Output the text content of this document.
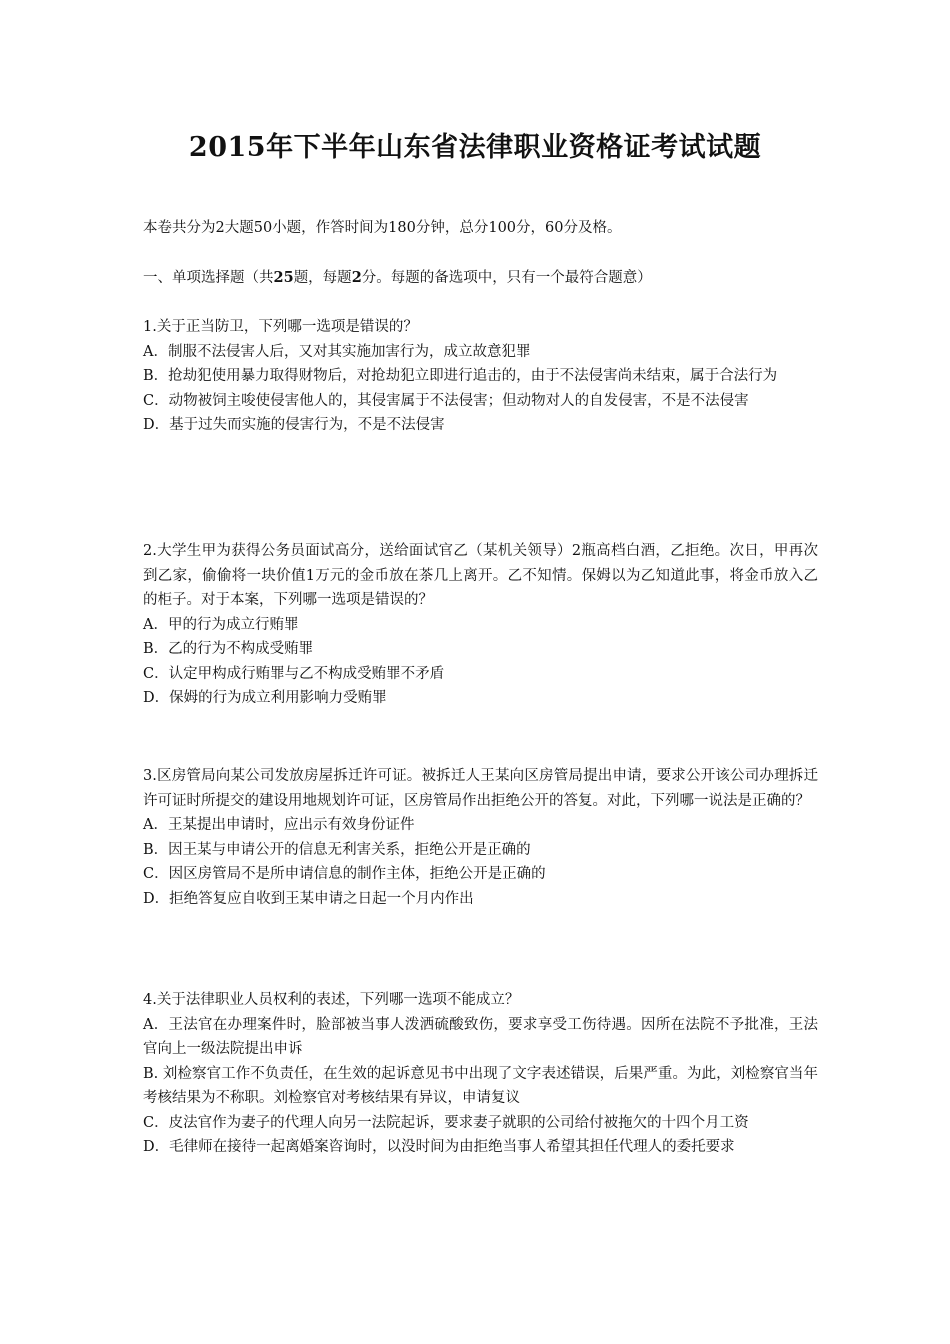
2015年下半年山东省法律职业资格证考试试题
本卷共分为2大题50小题，作答时间为180分钟，总分100分，60分及格。
一、单项选择题（共25题，每题2分。每题的备选项中，只有一个最符合题意）

1.关于正当防卫，下列哪一选项是错误的？

A．制服不法侵害人后，又对其实施加害行为，成立故意犯罪

B．抢劫犯使用暴力取得财物后，对抢劫犯立即进行追击的，由于不法侵害尚未结束，属于合法行为

C．动物被饲主唆使侵害他人的，其侵害属于不法侵害；但动物对人的自发侵害，不是不法侵害

D．基于过失而实施的侵害行为，不是不法侵害

2.大学生甲为获得公务员面试高分，送给面试官乙（某机关领导）2瓶高档白酒，乙拒绝。次日，甲再次到乙家，偷偷将一块价值1万元的金币放在茶几上离开。乙不知情。保姆以为乙知道此事，将金币放入乙的柜子。对于本案，下列哪一选项是错误的？

A．甲的行为成立行贿罪

B．乙的行为不构成受贿罪

C．认定甲构成行贿罪与乙不构成受贿罪不矛盾

D．保姆的行为成立利用影响力受贿罪

3.区房管局向某公司发放房屋拆迁许可证。被拆迁人王某向区房管局提出申请，要求公开该公司办理拆迁许可证时所提交的建设用地规划许可证，区房管局作出拒绝公开的答复。对此，下列哪一说法是正确的？

A．王某提出申请时，应出示有效身份证件

B．因王某与申请公开的信息无利害关系，拒绝公开是正确的

C．因区房管局不是所申请信息的制作主体，拒绝公开是正确的

D．拒绝答复应自收到王某申请之日起一个月内作出

4.关于法律职业人员权利的表述，下列哪一选项不能成立？

A．王法官在办理案件时，脸部被当事人泼洒硫酸致伤，要求享受工伤待遇。因所在法院不予批准，王法官向上一级法院提出申诉

B. 刘检察官工作不负责任，在生效的起诉意见书中出现了文字表述错误，后果严重。为此，刘检察官当年考核结果为不称职。刘检察官对考核结果有异议，申请复议

C．皮法官作为妻子的代理人向另一法院起诉，要求妻子就职的公司给付被拖欠的十四个月工资

D．毛律师在接待一起离婚案咨询时，以没时间为由拒绝当事人希望其担任代理人的委托要求
